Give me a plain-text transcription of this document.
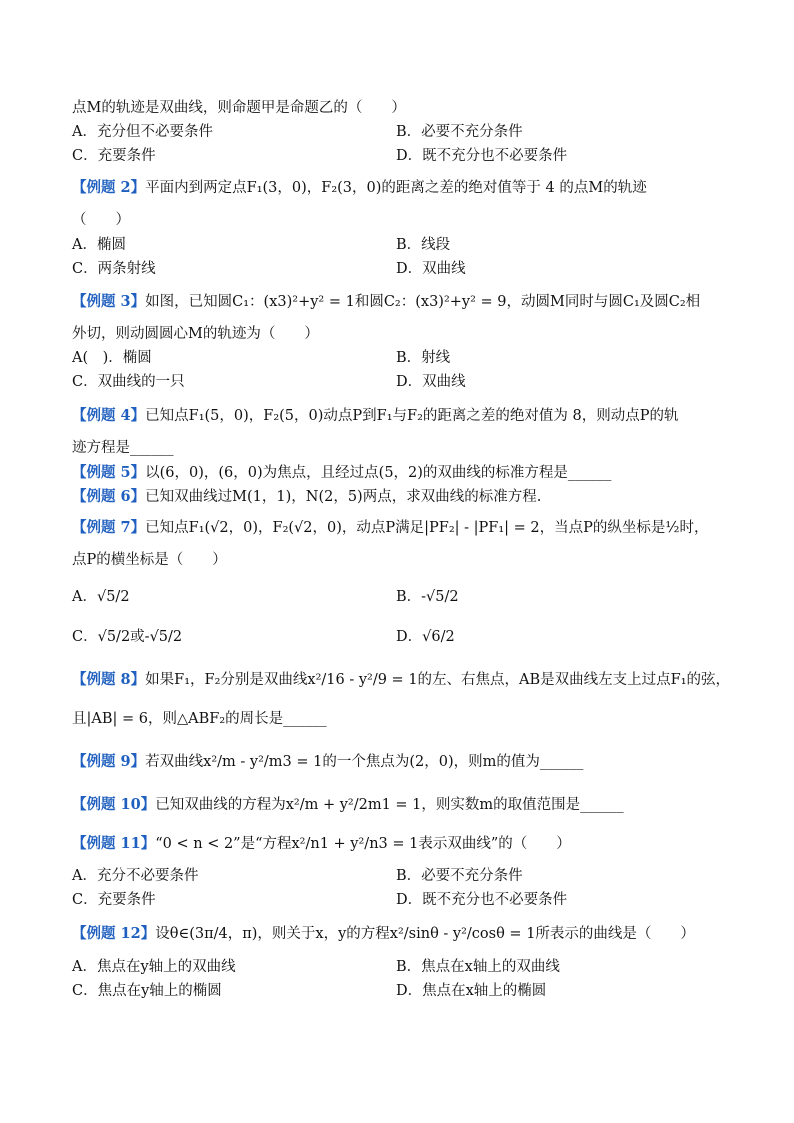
点M的轨迹是双曲线，则命题甲是命题乙的（　　）
A．充分但不必要条件	B．必要不充分条件
C．充要条件	D．既不充分也不必要条件
【例题 2】平面内到两定点F₁(3，0)，F₂(3，0)的距离之差的绝对值等于 4 的点M的轨迹
（　　）
A．椭圆	B．线段
C．两条射线	D．双曲线
【例题 3】如图，已知圆C₁：(x3)²+y² = 1和圆C₂：(x3)²+y² = 9，动圆M同时与圆C₁及圆C₂相
外切，则动圆圆心M的轨迹为（　　）
A(　)．椭圆	B．射线
C．双曲线的一只	D．双曲线
【例题 4】已知点F₁(5，0)，F₂(5，0)动点P到F₁与F₂的距离之差的绝对值为 8，则动点P的轨
迹方程是______
【例题 5】以(6，0)，(6，0)为焦点，且经过点(5，2)的双曲线的标准方程是______
【例题 6】已知双曲线过M(1，1)，N(2，5)两点，求双曲线的标准方程.
【例题 7】已知点F₁(√2，0)，F₂(√2，0)，动点P满足|PF₂| - |PF₁| = 2，当点P的纵坐标是½时，
点P的横坐标是（　　）
A．√5/2	B．-√5/2
C．√5/2或-√5/2	D．√6/2
【例题 8】如果F₁，F₂分别是双曲线x²/16 - y²/9 = 1的左、右焦点，AB是双曲线左支上过点F₁的弦，
且|AB| = 6，则△ABF₂的周长是______
【例题 9】若双曲线x²/m - y²/m3 = 1的一个焦点为(2，0)，则m的值为______
【例题 10】已知双曲线的方程为x²/m + y²/2m1 = 1，则实数m的取值范围是______
【例题 11】“0 < n < 2”是“方程x²/n1 + y²/n3 = 1表示双曲线”的（　　）
A．充分不必要条件	B．必要不充分条件
C．充要条件	D．既不充分也不必要条件
【例题 12】设θ∈(3π/4，π)，则关于x，y的方程x²/sinθ - y²/cosθ = 1所表示的曲线是（　　）
A．焦点在y轴上的双曲线	B．焦点在x轴上的双曲线
C．焦点在y轴上的椭圆	D．焦点在x轴上的椭圆
